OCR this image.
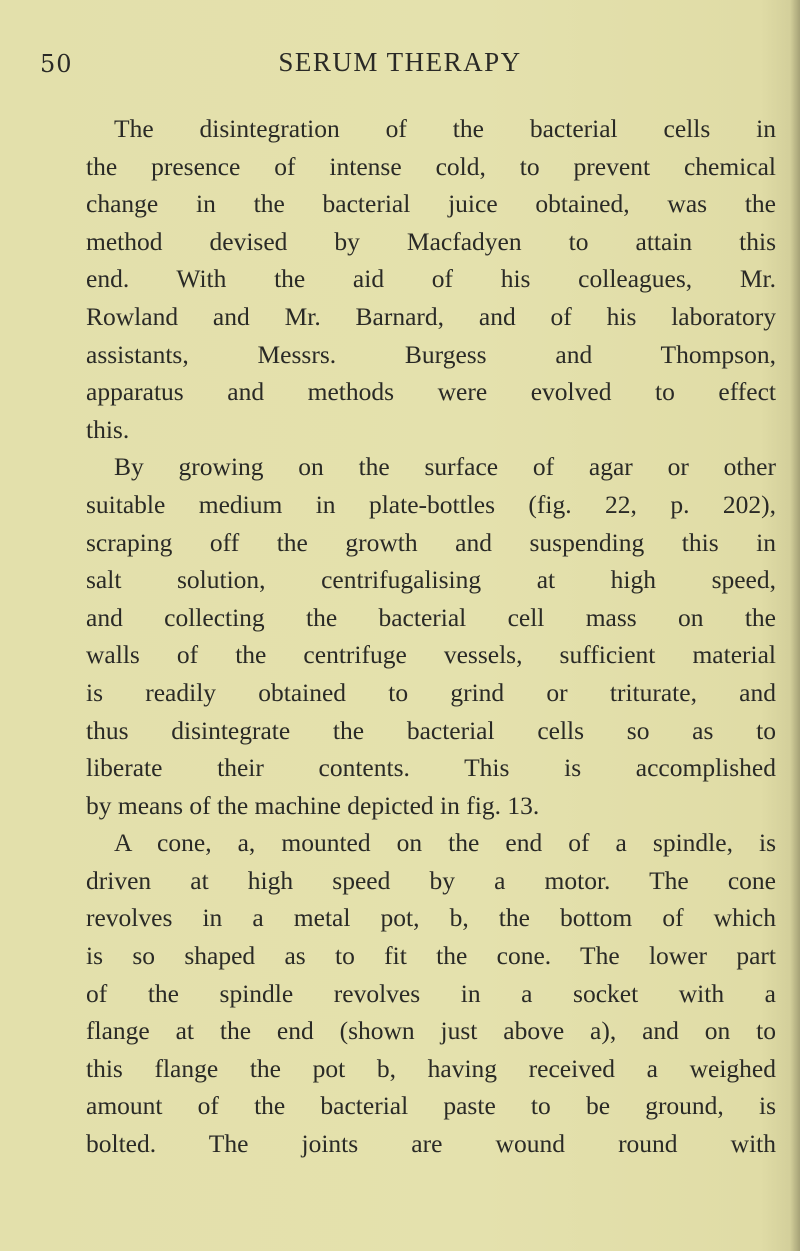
50	SERUM THERAPY
The disintegration of the bacterial cells in
the presence of intense cold, to prevent chemical
change in the bacterial juice obtained, was the
method devised by Macfadyen to attain this
end. With the aid of his colleagues, Mr.
Rowland and Mr. Barnard, and of his laboratory
assistants, Messrs. Burgess and Thompson,
apparatus and methods were evolved to effect
this.
By growing on the surface of agar or other
suitable medium in plate-bottles (fig. 22, p. 202),
scraping off the growth and suspending this in
salt solution, centrifugalising at high speed,
and collecting the bacterial cell mass on the
walls of the centrifuge vessels, sufficient material
is readily obtained to grind or triturate, and
thus disintegrate the bacterial cells so as to
liberate their contents. This is accomplished
by means of the machine depicted in fig. 13.
A cone, a, mounted on the end of a spindle, is
driven at high speed by a motor. The cone
revolves in a metal pot, b, the bottom of which
is so shaped as to fit the cone. The lower part
of the spindle revolves in a socket with a
flange at the end (shown just above a), and on to
this flange the pot b, having received a weighed
amount of the bacterial paste to be ground, is
bolted. The joints are wound round with
